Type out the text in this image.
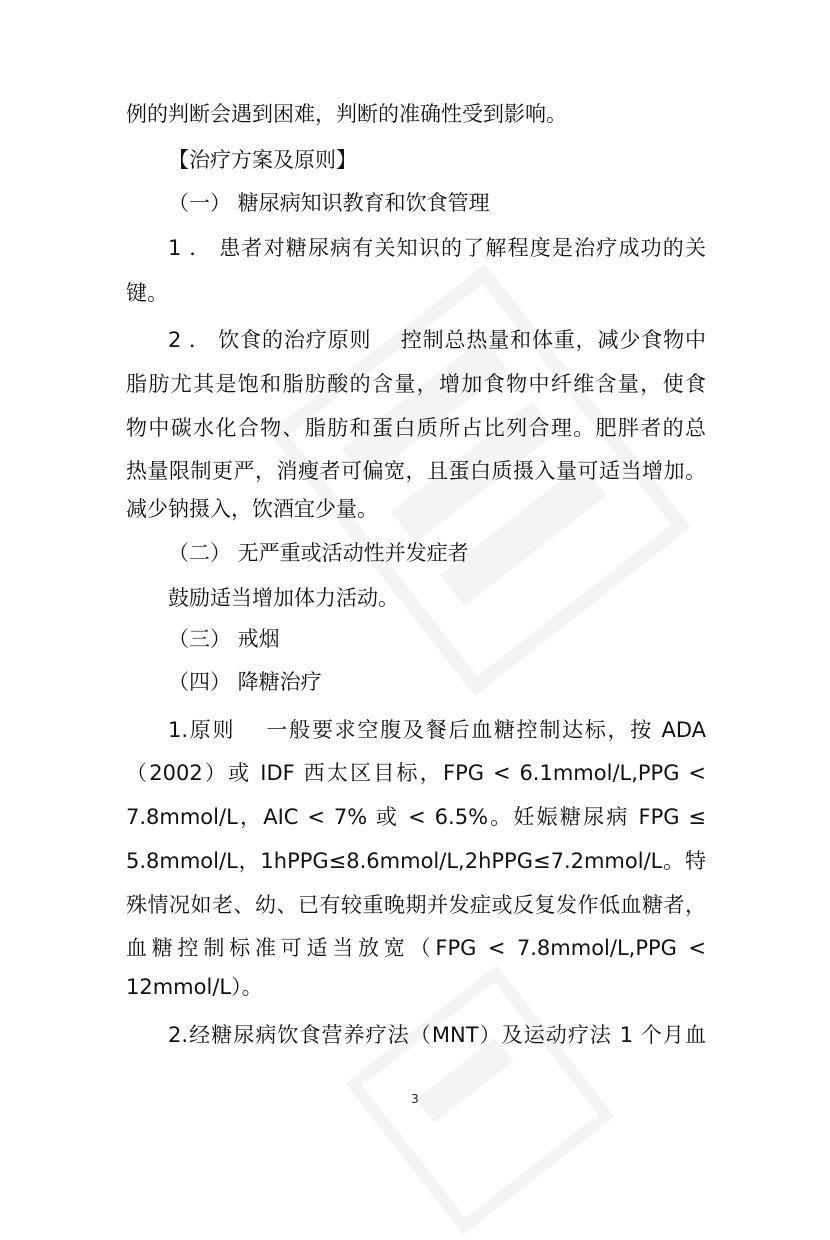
例的判断会遇到困难，判断的准确性受到影响。
【治疗方案及原则】
（一） 糖尿病知识教育和饮食管理
1 ． 患者对糖尿病有关知识的了解程度是治疗成功的关
键。
2 ． 饮食的治疗原则　 控制总热量和体重，减少食物中
脂肪尤其是饱和脂肪酸的含量，增加食物中纤维含量，使食
物中碳水化合物、脂肪和蛋白质所占比列合理。肥胖者的总
热量限制更严，消瘦者可偏宽，且蛋白质摄入量可适当增加。
减少钠摄入，饮酒宜少量。
（二） 无严重或活动性并发症者
鼓励适当增加体力活动。
（三） 戒烟
（四） 降糖治疗
1.原则　 一般要求空腹及餐后血糖控制达标，按 ADA
（2002）或 IDF 西太区目标，FPG < 6.1mmol/L,PPG <
7.8mmol/L，AIC < 7% 或 < 6.5%。妊娠糖尿病 FPG ≤
5.8mmol/L，1hPPG≤8.6mmol/L,2hPPG≤7.2mmol/L。特
殊情况如老、幼、已有较重晚期并发症或反复发作低血糖者，
血糖控制标准可适当放宽（FPG < 7.8mmol/L,PPG <
12mmol/L）。
2.经糖尿病饮食营养疗法（MNT）及运动疗法 1 个月血
3
